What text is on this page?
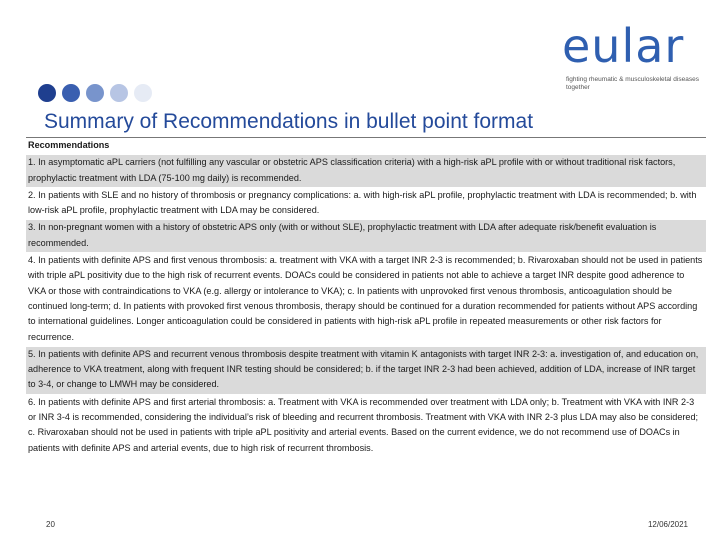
eular
fighting rheumatic & musculoskeletal diseases together
Summary of Recommendations in bullet point format
Recommendations
1. In asymptomatic aPL carriers (not fulfilling any vascular or obstetric APS classification criteria) with a high-risk aPL profile with or without traditional risk factors, prophylactic treatment with LDA (75-100 mg daily) is recommended.
2. In patients with SLE and no history of thrombosis or pregnancy complications: a. with high-risk aPL profile, prophylactic treatment with LDA is recommended; b. with low-risk aPL profile, prophylactic treatment with LDA may be considered.
3. In non-pregnant women with a history of obstetric APS only (with or without SLE), prophylactic treatment with LDA after adequate risk/benefit evaluation is recommended.
4. In patients with definite APS and first venous thrombosis: a. treatment with VKA with a target INR 2-3 is recommended; b. Rivaroxaban should not be used in patients with triple aPL positivity due to the high risk of recurrent events. DOACs could be considered in patients not able to achieve a target INR despite good adherence to VKA or those with contraindications to VKA (e.g. allergy or intolerance to VKA); c. In patients with unprovoked first venous thrombosis, anticoagulation should be continued long-term; d. In patients with provoked first venous thrombosis, therapy should be continued for a duration recommended for patients without APS according to international guidelines. Longer anticoagulation could be considered in patients with high-risk aPL profile in repeated measurements or other risk factors for recurrence.
5. In patients with definite APS and recurrent venous thrombosis despite treatment with vitamin K antagonists with target INR 2-3: a. investigation of, and education on, adherence to VKA treatment, along with frequent INR testing should be considered; b. if the target INR 2-3 had been achieved, addition of LDA, increase of INR target to 3-4, or change to LMWH may be considered.
6. In patients with definite APS and first arterial thrombosis: a. Treatment with VKA is recommended over treatment with LDA only; b. Treatment with VKA with INR 2-3 or INR 3-4 is recommended, considering the individual’s risk of bleeding and recurrent thrombosis. Treatment with VKA with INR 2-3 plus LDA may also be considered; c. Rivaroxaban should not be used in patients with triple aPL positivity and arterial events. Based on the current evidence, we do not recommend use of DOACs in patients with definite APS and arterial events, due to high risk of recurrent thrombosis.
20	12/06/2021
